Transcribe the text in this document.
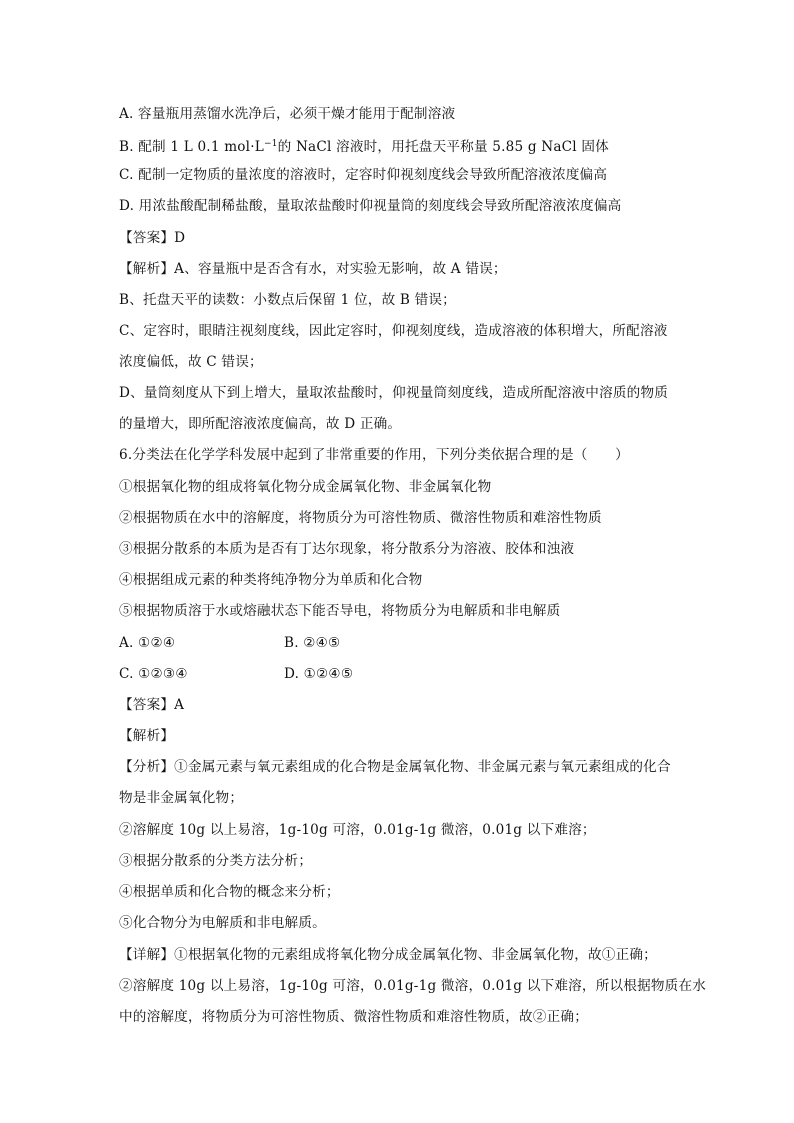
A. 容量瓶用蒸馏水洗净后，必须干燥才能用于配制溶液
B. 配制 1 L 0.1 $mol\cdot L^{-1}$的 NaCl 溶液时，用托盘天平称量 5.85 g NaCl 固体
C. 配制一定物质的量浓度的溶液时，定容时仰视刻度线会导致所配溶液浓度偏高
D. 用浓盐酸配制稀盐酸，量取浓盐酸时仰视量筒的刻度线会导致所配溶液浓度偏高
【答案】D
【解析】A、容量瓶中是否含有水，对实验无影响，故 A 错误；
B、托盘天平的读数：小数点后保留 1 位，故 B 错误；
C、定容时，眼睛注视刻度线，因此定容时，仰视刻度线，造成溶液的体积增大，所配溶液
浓度偏低，故 C 错误；
D、量筒刻度从下到上增大，量取浓盐酸时，仰视量筒刻度线，造成所配溶液中溶质的物质
的量增大，即所配溶液浓度偏高，故 D 正确。
6.分类法在化学学科发展中起到了非常重要的作用，下列分类依据合理的是（　　）
①根据氧化物的组成将氧化物分成金属氧化物、非金属氧化物
②根据物质在水中的溶解度，将物质分为可溶性物质、微溶性物质和难溶性物质
③根据分散系的本质为是否有丁达尔现象，将分散系分为溶液、胶体和浊液
④根据组成元素的种类将纯净物分为单质和化合物
⑤根据物质溶于水或熔融状态下能否导电，将物质分为电解质和非电解质
A. ①②④	B. ②④⑤
C. ①②③④	D. ①②④⑤
【答案】A
【解析】
【分析】①金属元素与氧元素组成的化合物是金属氧化物、非金属元素与氧元素组成的化合
物是非金属氧化物；
②溶解度 10g 以上易溶，1g-10g 可溶，0.01g-1g 微溶，0.01g 以下难溶；
③根据分散系的分类方法分析；
④根据单质和化合物的概念来分析；
⑤化合物分为电解质和非电解质。
【详解】①根据氧化物的元素组成将氧化物分成金属氧化物、非金属氧化物，故①正确；
②溶解度 10g 以上易溶，1g-10g 可溶，0.01g-1g 微溶，0.01g 以下难溶，所以根据物质在水
中的溶解度，将物质分为可溶性物质、微溶性物质和难溶性物质，故②正确；
